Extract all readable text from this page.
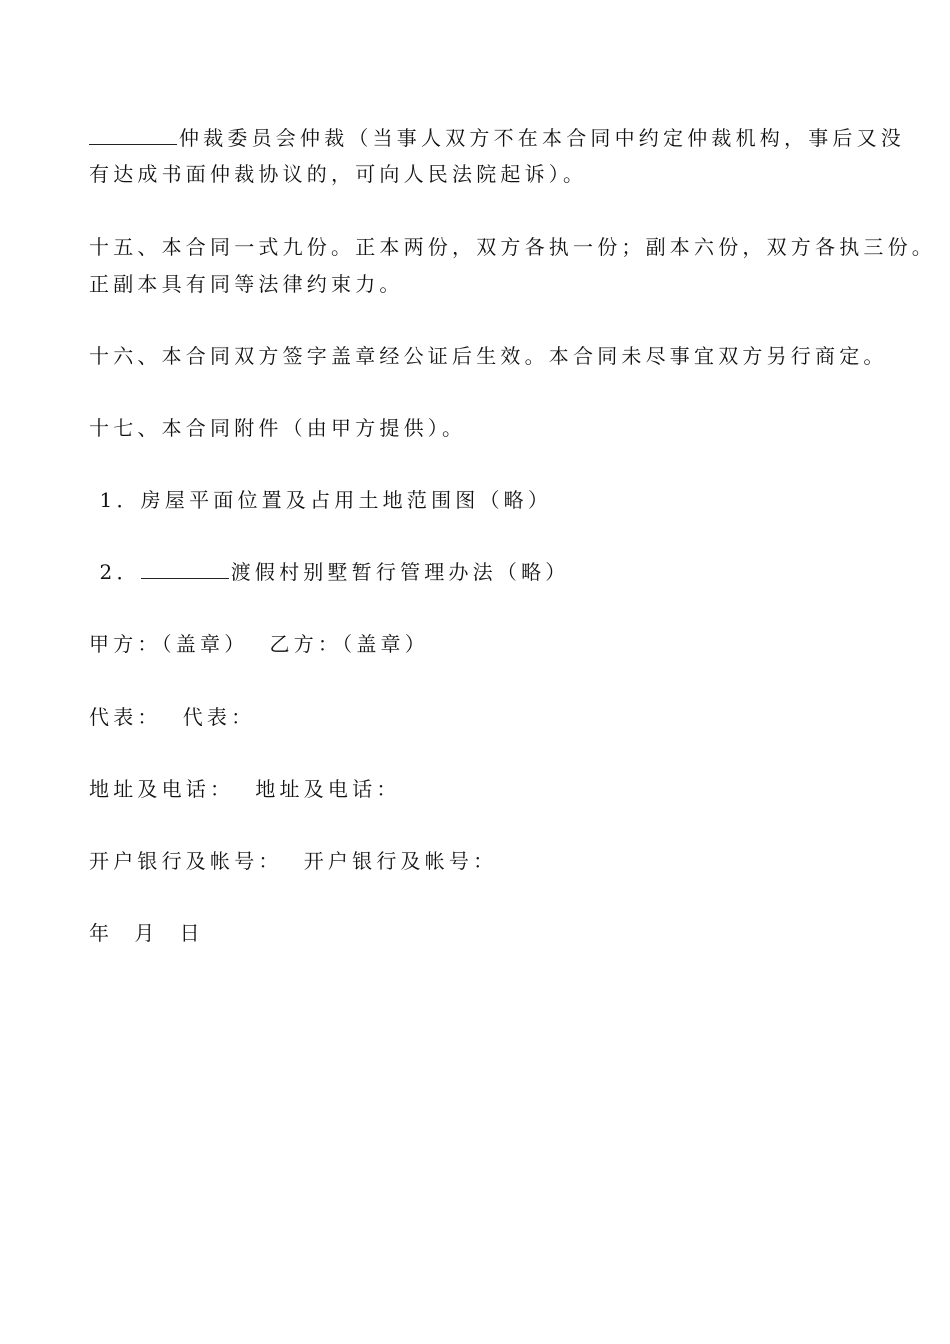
仲裁委员会仲裁（当事人双方不在本合同中约定仲裁机构，事后又没
有达成书面仲裁协议的，可向人民法院起诉）。
十五、本合同一式九份。正本两份，双方各执一份；副本六份，双方各执三份。
正副本具有同等法律约束力。
十六、本合同双方签字盖章经公证后生效。本合同未尽事宜双方另行商定。
十七、本合同附件（由甲方提供）。
1．房屋平面位置及占用土地范围图（略）
2．	渡假村别墅暂行管理办法（略）
甲方：（盖章）  乙方：（盖章）
代表：  代表：
地址及电话：  地址及电话：
开户银行及帐号：  开户银行及帐号：
年  月  日
